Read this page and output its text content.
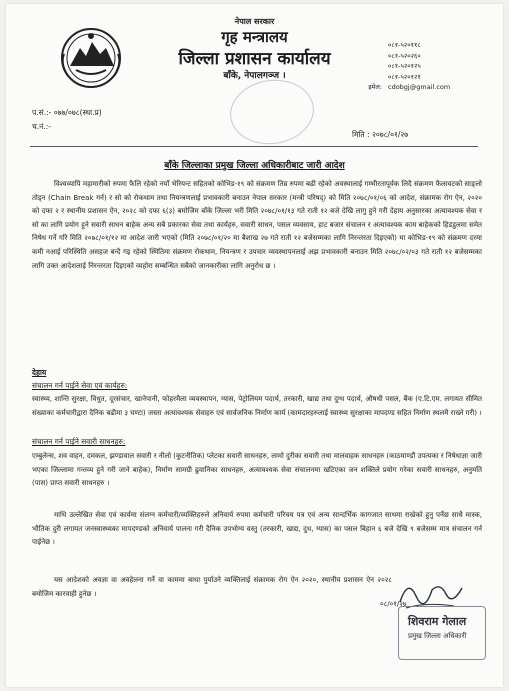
नेपाल सरकार
गृह मन्त्रालय
जिल्ला प्रशासन कार्यालय
बाँके, नेपालगञ्ज ।
०८१-५२०११८
०८१-५२०२६०
०८१-५२०१२५
०८१-५२०१२१
इमेल: cdobgj@gmail.com
प.सं.:- ०७७/०७८(स्था.प्र)
च.नं.:-
मिति : २०७८/०१/२७
बाँके जिल्लाका प्रमुख जिल्ला अधिकारीबाट जारी आदेश
विश्वव्यापि महामारीको रुपमा फैलि रहेको नयाँ भेरियन्ट सहितको कोभिड-१९ को संक्रमण तिव्र रुपमा बढी रहेको अवस्थालाई गम्भीरतापूर्वक लिदै संक्रमण फैलावटको साङ्लो तोड्न (Chain Break गर्न) र सो को रोकथाम तथा नियन्त्रणलाई प्रभावकारी बनाउन नेपाल सरकार (मन्त्री परिषद्) को मिति २०७८/०१/०६ को आदेश, संक्रामक रोग ऐन, २०२० को दफा २ र स्थानीय प्रशासन ऐन, २०२८ को दफा ६(३) बमोजिम बाँके जिल्ला भरी मिति २०७८/०१/१३ गते राती १२ बजे देखि लागु हुने गरी देहाय अनुसारका अत्यावश्यक सेवा र सो का लागि प्रयोग हुने सवारी साधन बाहेक अन्य सबै प्रकारका सेवा तथा कार्यहरु, सवारी साधन, पसल व्यवसाय, हाट बजार संचालन र अत्यावश्यक काम बाहेकको हिडडुलमा समेत निषेध गर्ने गरि मिति २०७८/०१/१२ मा आदेश जारी भएको (मिति २०७८/०१/२० मा बैशाख २७ गते राती १२ बजेसम्मका लागि निरन्तरता दिइएको) मा कोभिड-१९ को संक्रमण दरमा कमी नआई परिस्थिति असहज बन्दै गइ रहेको स्थितिमा संक्रमण रोकथाम, नियन्त्रण र उपचार व्यवस्थापनलाई अझ प्रभावकारी बनाउन मिति २०७८/०२/०३ गते राती १२ बजेसम्मका लागि उक्त आदेशलाई निरन्तरता दिइएको व्यहोरा सम्बन्धित सबैको जानकारीका लागि अनुरोध छ ।
देहाय
संचालन गर्न पाईने सेवा एवं कार्यहरु:
स्वास्थ्य, शान्ति सुरक्षा, विधुत, दूरसंचार, खानेपानी, फोहरमैला व्यवस्थापन, ग्यास, पेट्रोलियम पदार्थ, तरकारी, खाद्य तथा दुग्ध पदार्थ, औषधी पसल, बैंक (ए.टि.एम. लगायत सीमित संख्याका कर्मचारीद्वारा दैनिक बढीमा ३ घण्टा) जस्ता अत्यावश्यक सेवाहरु एवं सार्वजनिक निर्माण कार्य (कामदारहरुलाई स्वास्थ्य सुरक्षाका मापदण्ड सहित निर्माण स्थलमै राख्ने गरी) ।
संचालन गर्न पाईने सवारी साधनहरु:
एम्बुलेन्स, शव वाहन, दमकल, झण्डावाल सवारी र नीलो (कुटनीतिक) प्लेटका सवारी साधनहरु, लामो दुरीका सवारी तथा मालवाहक साधनहरु (काठमाण्डौं उपत्यका र निषेधाज्ञा जारी भएका जिल्लामा गन्तव्य हुने गरी जाने बाहेक), निर्माण सामग्री ढुवानिका साधनहरु, अत्यावश्यक सेवा संचालनमा खटिएका जन शक्तिले प्रयोग गरेका सवारी साधनहरु, अनुमति (पास) प्राप्त सवारी साधनहरु ।
माथि उल्लेखित सेवा एवं कार्यमा संलग्न कर्मचारी/व्यक्तिहरुले अनिवार्य रुपमा कर्मचारी परिचय पत्र एवं अन्य सान्दर्भिक कागजात साथमा राखेको हुनु पर्नेछ साथै मास्क, भौतिक दुरी लगायत जनस्वास्थ्यका मापदण्डको अनिवार्य पालना गरी दैनिक उपभोग्य वस्तु (तरकारी, खाद्य, दुध, ग्यास) का पसल बिहान ६ बजे देखि ९ बजेसम्म मात्र संचालन गर्न पाईनेछ ।
यस आदेशको अवज्ञा वा अवहेलना गर्ने वा काममा बाधा पुर्याउने व्यक्तिलाई संक्रामक रोग ऐन २०२०, स्थानीय प्रशासन ऐन २०२८ बमोजिम कारवाही हुनेछ ।
०८/०१/२७
शिवराम गेलाल
प्रमुख जिल्ला अधिकारी
